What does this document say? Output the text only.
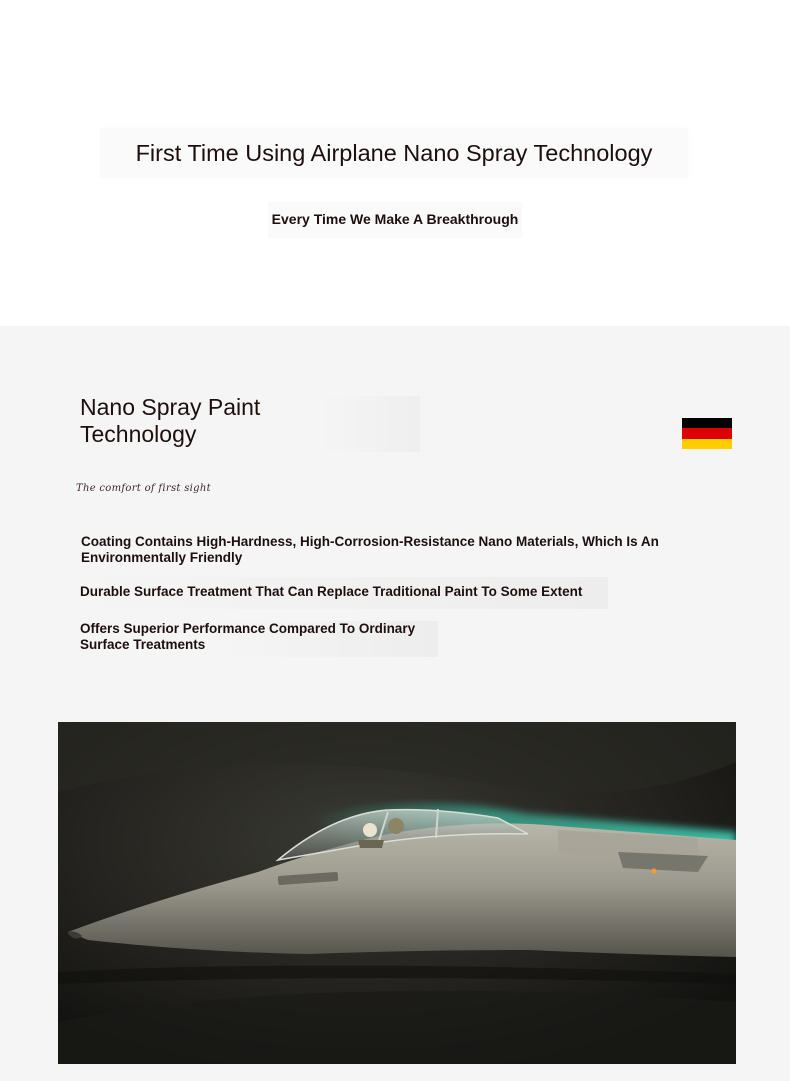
First Time Using Airplane Nano Spray Technology
Every Time We Make A Breakthrough
Nano Spray Paint
Technology
The comfort of first sight
Coating Contains High-Hardness, High-Corrosion-Resistance Nano Materials, Which Is An Environmentally Friendly
Durable Surface Treatment That Can Replace Traditional Paint To Some Extent
Offers Superior Performance Compared To Ordinary
Surface Treatments
